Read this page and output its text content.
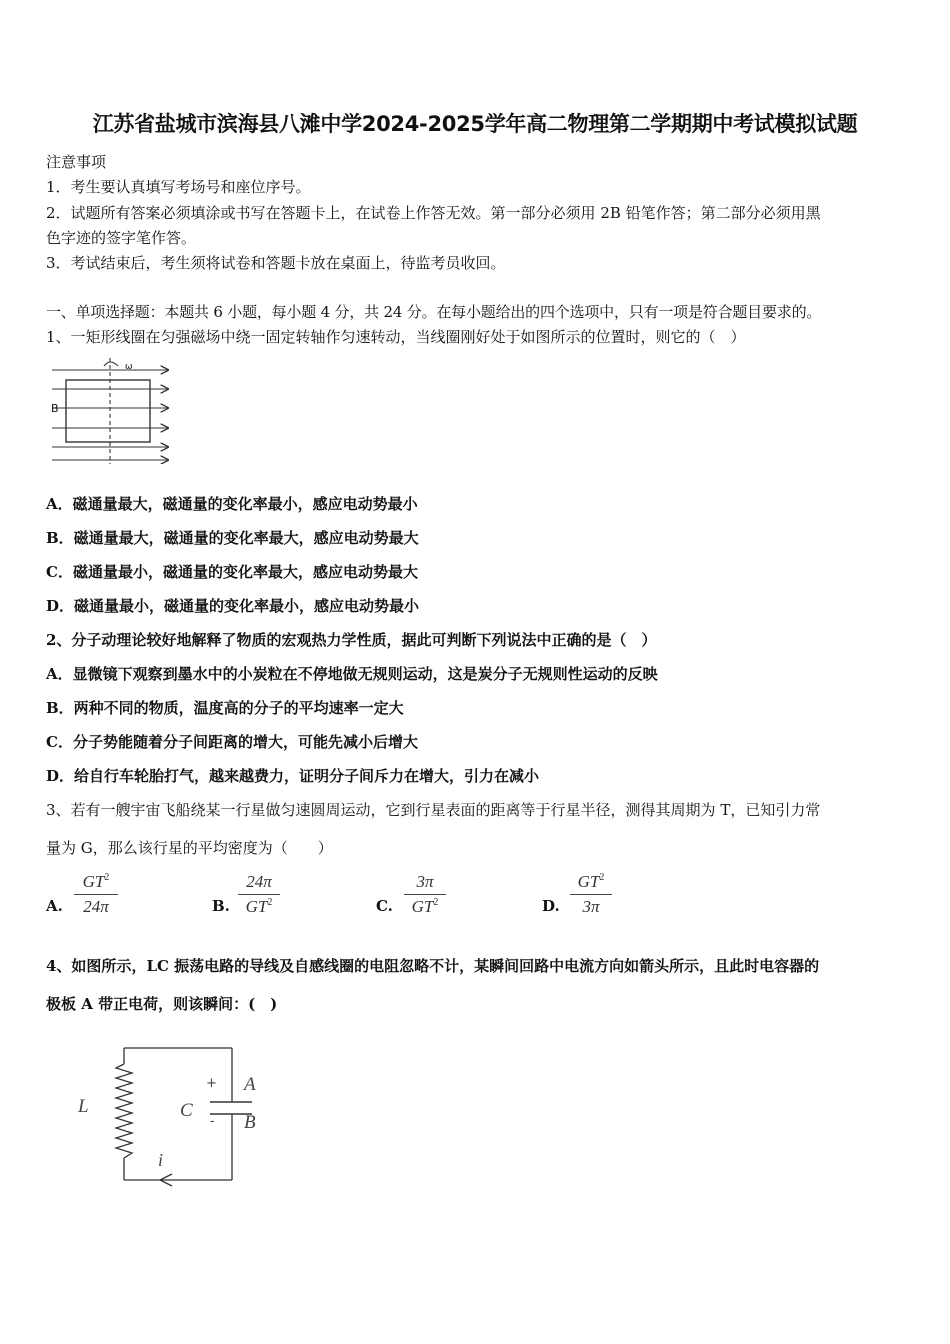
江苏省盐城市滨海县八滩中学2024-2025学年高二物理第二学期期中考试模拟试题
注意事项
1．考生要认真填写考场号和座位序号。
2．试题所有答案必须填涂或书写在答题卡上，在试卷上作答无效。第一部分必须用 2B 铅笔作答；第二部分必须用黑
色字迹的签字笔作答。
3．考试结束后，考生须将试卷和答题卡放在桌面上，待监考员收回。
一、单项选择题：本题共 6 小题，每小题 4 分，共 24 分。在每小题给出的四个选项中，只有一项是符合题目要求的。
1、一矩形线圈在匀强磁场中绕一固定转轴作匀速转动，当线圈刚好处于如图所示的位置时，则它的（　）
B
ω
A．磁通量最大，磁通量的变化率最小，感应电动势最小
B．磁通量最大，磁通量的变化率最大，感应电动势最大
C．磁通量最小，磁通量的变化率最大，感应电动势最大
D．磁通量最小，磁通量的变化率最小，感应电动势最小
2、分子动理论较好地解释了物质的宏观热力学性质，据此可判断下列说法中正确的是（　）
A．显微镜下观察到墨水中的小炭粒在不停地做无规则运动，这是炭分子无规则性运动的反映
B．两种不同的物质，温度高的分子的平均速率一定大
C．分子势能随着分子间距离的增大，可能先减小后增大
D．给自行车轮胎打气，越来越费力，证明分子间斥力在增大，引力在减小
3、若有一艘宇宙飞船绕某一行星做匀速圆周运动，它到行星表面的距离等于行星半径，测得其周期为 T，已知引力常
量为 G，那么该行星的平均密度为（　　）
A.
$GT^2$
24π	B.
24π
$GT^2$	C.
3π
$GT^2$	D.
$GT^2$
3π
4、如图所示，LC 振荡电路的导线及自感线圈的电阻忽略不计，某瞬间回路中电流方向如箭头所示，且此时电容器的
极板 A 带正电荷，则该瞬间：(　)
L	C
A
B
+
-
i
